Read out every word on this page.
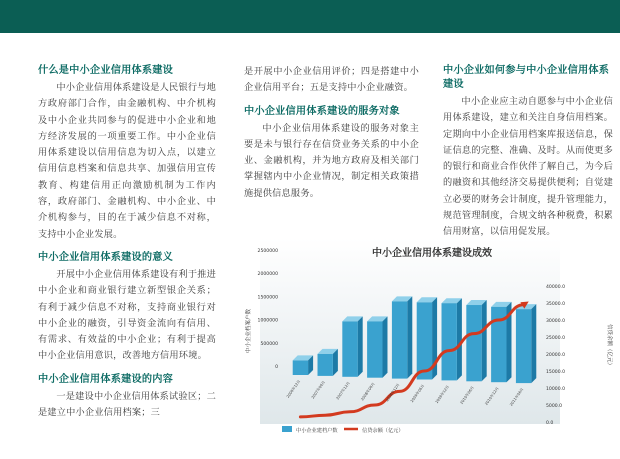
什么是中小企业信用体系建设

中小企业信用体系建设是人民银行与地方政府部门合作，由金融机构、中介机构及中小企业共同参与的促进中小企业和地方经济发展的一项重要工作。中小企业信用体系建设以信用信息为切入点，以建立信用信息档案和信息共享、加强信用宣传教育、构建信用正向激励机制为工作内容，政府部门、金融机构、中小企业、中介机构参与，目的在于减少信息不对称，支持中小企业发展。

中小企业信用体系建设的意义

开展中小企业信用体系建设有利于推进中小企业和商业银行建立新型银企关系；有利于减少信息不对称，支持商业银行对中小企业的融资，引导资金流向有信用、有需求、有效益的中小企业；有利于提高中小企业信用意识，改善地方信用环境。

中小企业信用体系建设的内容

一是建设中小企业信用体系试验区；二是建立中小企业信用档案；三

是开展中小企业信用评价；四是搭建中小企业信用平台；五是支持中小企业融资。

中小企业信用体系建设的服务对象

中小企业信用体系建设的服务对象主要是未与银行存在信贷业务关系的中小企业、金融机构，并为地方政府及相关部门掌握辖内中小企业情况，制定相关政策措施提供信息服务。

中小企业如何参与中小企业信用体系建设

中小企业应主动自愿参与中小企业信用体系建设，建立和关注自身信用档案。定期向中小企业信用档案库报送信息，保证信息的完整、准确、及时。从而使更多的银行和商业合作伙伴了解自己，为今后的融资和其他经济交易提供便利；自觉建立必要的财务会计制度，提升管理能力，规范管理制度，合规文纳各种税费，积累信用财富，以信用促发展。

中小企业信用体系建设成效
中小企业档案户数	信贷余额（亿元）
2500000
2000000
1500000
1000000
500000
0
40000.0
35000.0
30000.0
25000.0
20000.0
15000.0
10000.0
5000.0
0.0
2006年12月	2007年06月	2007年12月	2008年06月	2008年12月	2009年06月	2009年12月	2010年06月	2010年12月	2011年06月
中小企业建档户数	信贷余额（亿元）
